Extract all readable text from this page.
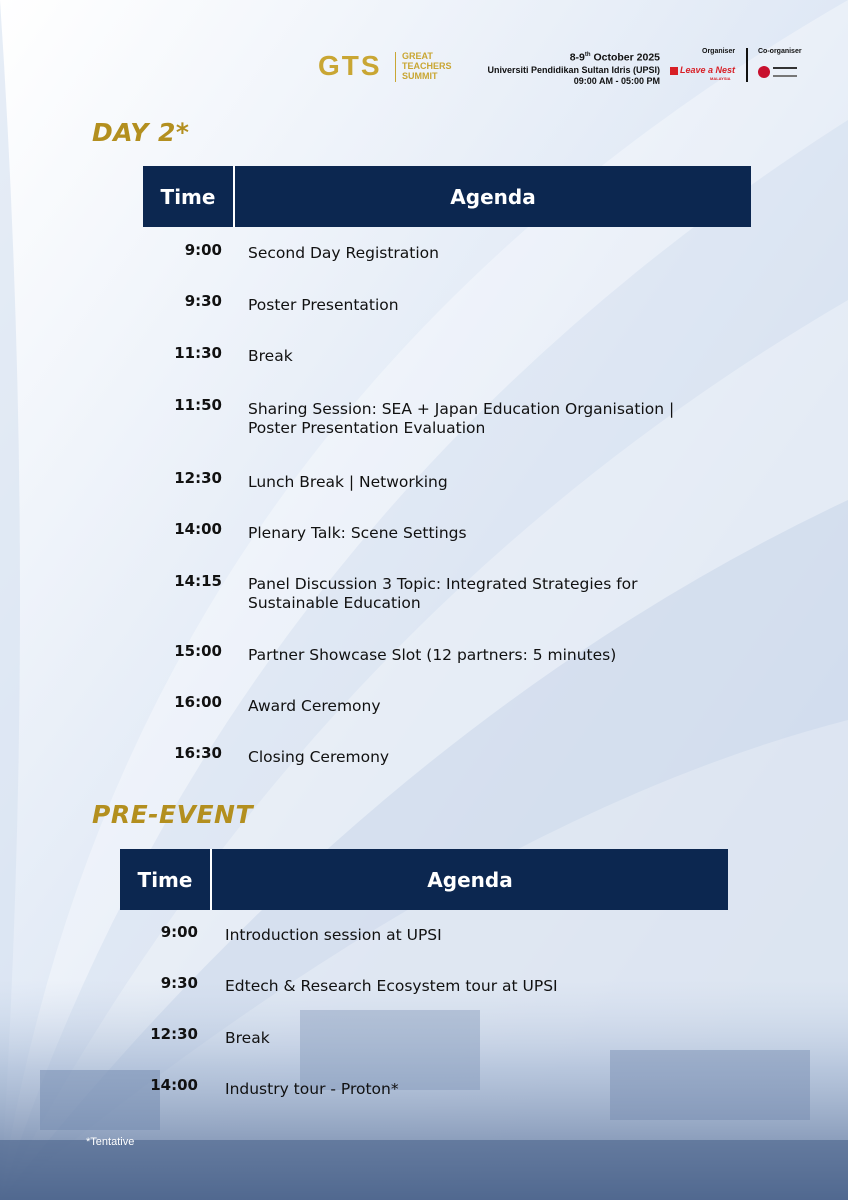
GTS GREAT
TEACHERS
SUMMIT
8-9th October 2025
Universiti Pendidikan Sultan Idris (UPSI)
09:00 AM - 05:00 PM
Organiser
Leave a Nest
MALAYSIA
Co-organiser
DAY 2*
Time	Agenda
9:00 Second Day Registration
9:30 Poster Presentation
11:30 Break
11:50 Sharing Session: SEA + Japan Education Organisation |
Poster Presentation Evaluation
12:30 Lunch Break | Networking
14:00 Plenary Talk: Scene Settings
14:15 Panel Discussion 3 Topic: Integrated Strategies for
Sustainable Education
15:00 Partner Showcase Slot (12 partners: 5 minutes)
16:00 Award Ceremony
16:30 Closing Ceremony
PRE-EVENT
Time	Agenda
9:00 Introduction session at UPSI
9:30 Edtech & Research Ecosystem tour at UPSI
12:30 Break
14:00 Industry tour - Proton*
*Tentative
